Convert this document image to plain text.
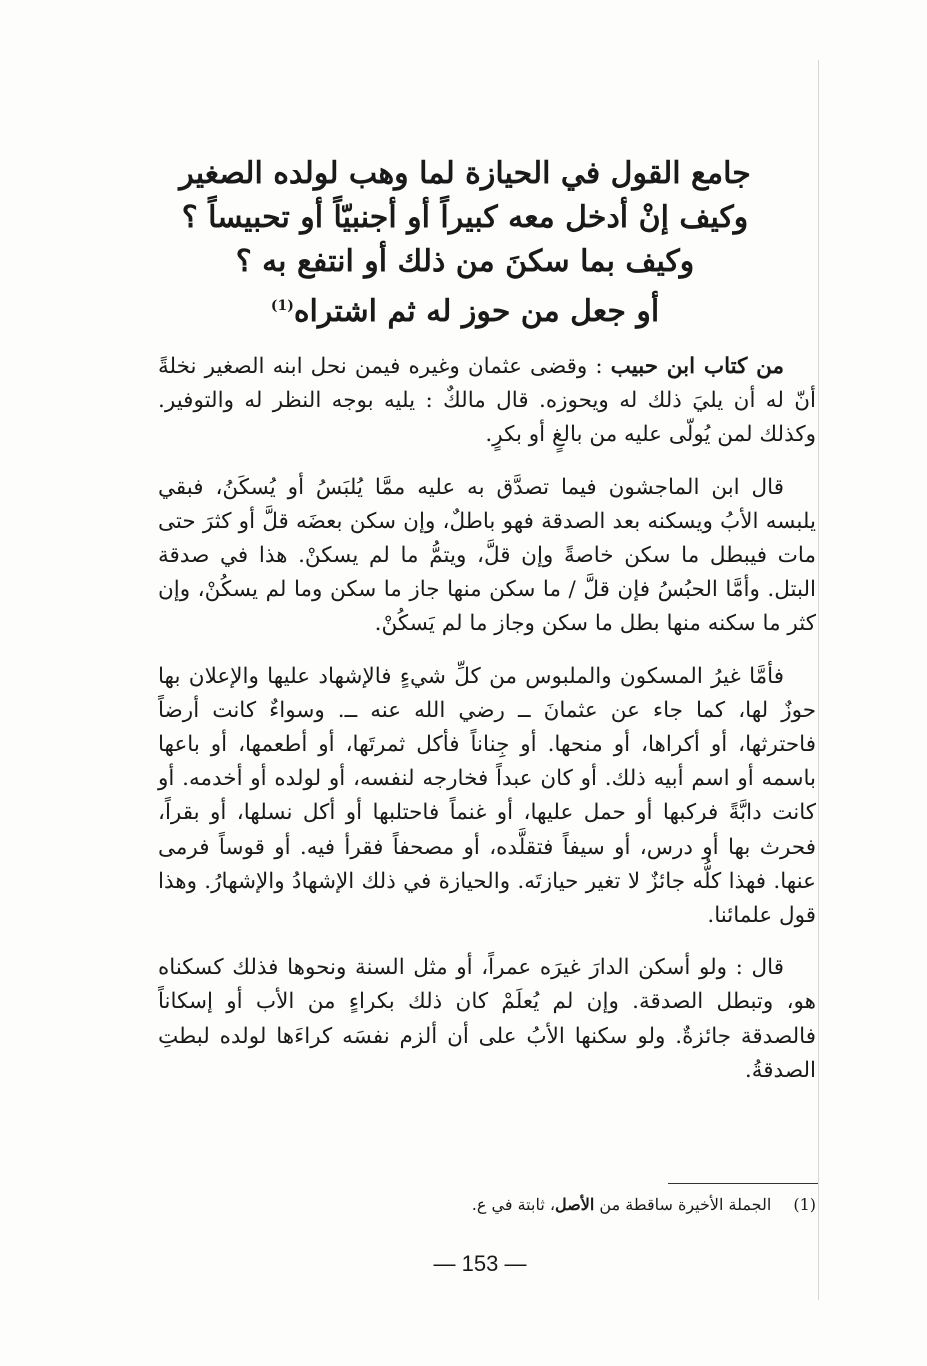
جامع القول في الحيازة لما وهب لولده الصغير
وكيف إنْ أدخل معه كبيراً أو أجنبيّاً أو تحبيساً ؟
وكيف بما سكنَ من ذلك أو انتفع به ؟
أو جعل من حوز له ثم اشتراه$^{(1)}$

من كتاب ابن حبيب : وقضى عثمان وغيره فيمن نحل ابنه الصغير نخلةً أنّ له أن يليَ ذلك له ويحوزه. قال مالكٌ : يليه بوجه النظر له والتوفير. وكذلك لمن يُولّى عليه من بالغٍ أو بكرٍ.

قال ابن الماجشون فيما تصدَّق به عليه ممَّا يُلبَسُ أو يُسكَنُ، فبقي يلبسه الأبُ ويسكنه بعد الصدقة فهو باطلٌ، وإن سكن بعضَه قلَّ أو كثرَ حتى مات فيبطل ما سكن خاصةً وإن قلَّ، ويتمُّ ما لم يسكنْ. هذا في صدقة البتل. وأمَّا الحبُسُ فإن قلَّ / ما سكن منها جاز ما سكن وما لم يسكُنْ، وإن كثر ما سكنه منها بطل ما سكن وجاز ما لم يَسكُنْ.

فأمَّا غيرُ المسكون والملبوس من كلِّ شيءٍ فالإشهاد عليها والإعلان بها حوزٌ لها، كما جاء عن عثمانَ ــ رضي الله عنه ــ. وسواءٌ كانت أرضاً فاحترثها، أو أكراها، أو منحها. أو جِناناً فأكل ثمرتَها، أو أطعمها، أو باعها باسمه أو اسم أبيه ذلك. أو كان عبداً فخارجه لنفسه، أو لولده أو أخدمه. أو كانت دابَّةً فركبها أو حمل عليها، أو غنماً فاحتلبها أو أكل نسلها، أو بقراً، فحرث بها أو درس، أو سيفاً فتقلَّده، أو مصحفاً فقرأ فيه. أو قوساً فرمى عنها. فهذا كلُّه جائزٌ لا تغير حيازتَه. والحيازة في ذلك الإشهادُ والإشهارُ. وهذا قول علمائنا.

قال : ولو أسكن الدارَ غيرَه عمراً، أو مثل السنة ونحوها فذلك كسكناه هو، وتبطل الصدقة. وإن لم يُعلَمْ كان ذلك بكراءٍ من الأب أو إسكاناً فالصدقة جائزةٌ. ولو سكنها الأبُ على أن ألزم نفسَه كراءَها لولده لبطتِ الصدقةُ.

(1)الجملة الأخيرة ساقطة من الأصل، ثابتة في ع.
— 153 —
